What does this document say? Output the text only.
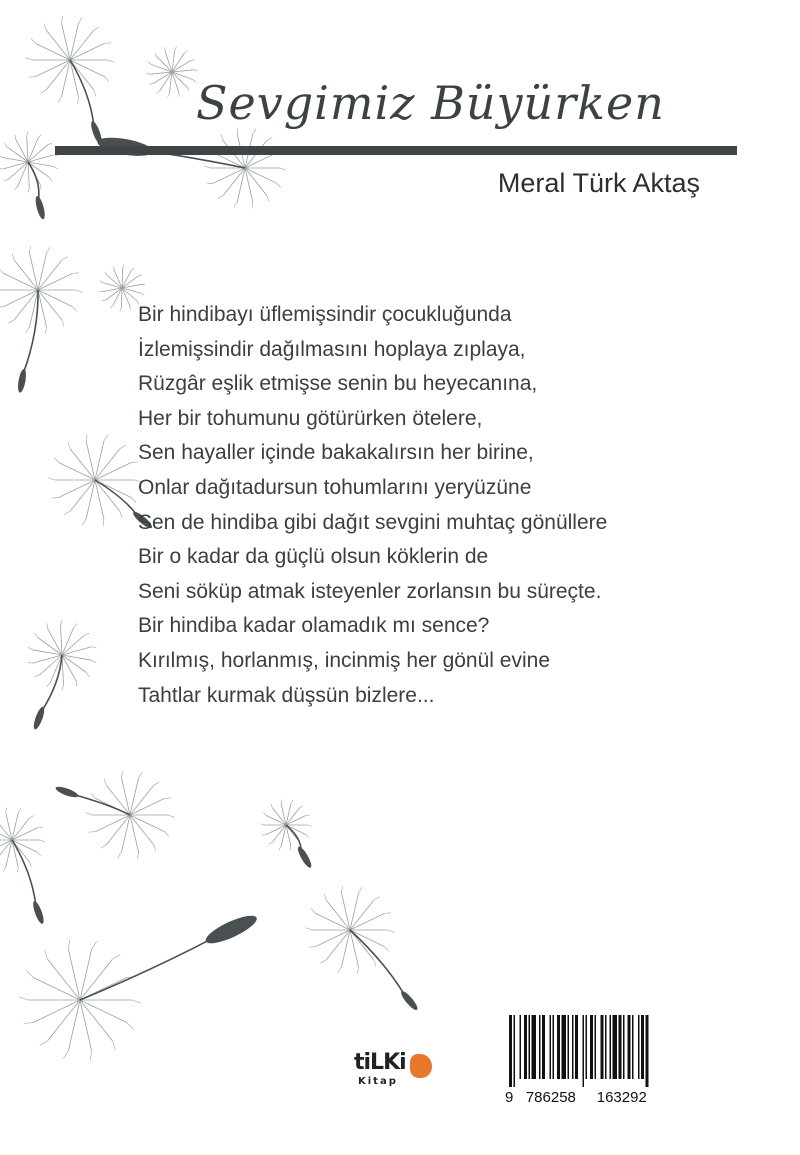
Sevgimiz Büyürken
Meral Türk Aktaş
Bir hindibayı üflemişsindir çocukluğunda
İzlemişsindir dağılmasını hoplaya zıplaya,
Rüzgâr eşlik etmişse senin bu heyecanına,
Her bir tohumunu götürürken ötelere,
Sen hayaller içinde bakakalırsın her birine,
Onlar dağıtadursun tohumlarını yeryüzüne
Sen de hindiba gibi dağıt sevgini muhtaç gönüllere
Bir o kadar da güçlü olsun köklerin de
Seni söküp atmak isteyenler zorlansın bu süreçte.
Bir hindiba kadar olamadık mı sence?
Kırılmış, horlanmış, incinmiş her gönül evine
Tahtlar kurmak düşsün bizlere...
tiLKi
Kitap
9   786258     163292
